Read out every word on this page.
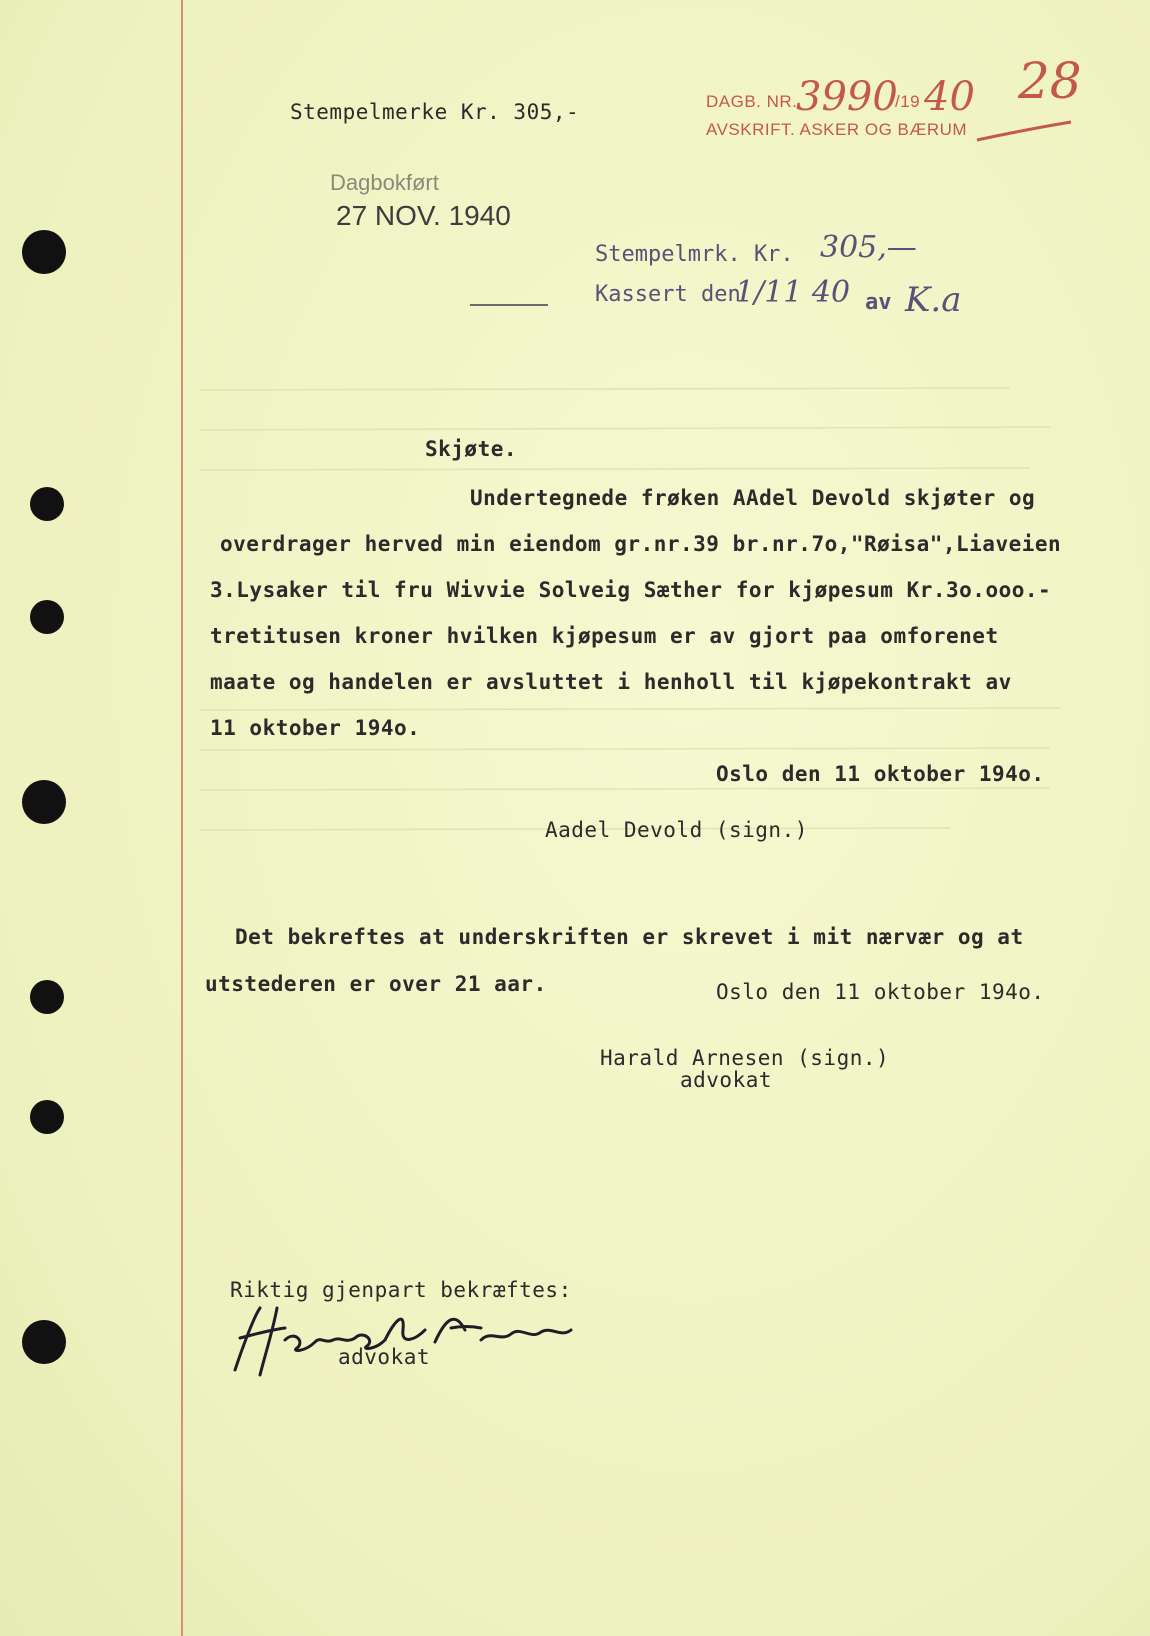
Stempelmerke Kr. 305,-	DAGB. NR.
3990
/19 40
AVSKRIFT. ASKER OG BÆRUM
28
Dagbokført
27 NOV. 1940
Stempelmrk. Kr. 305,—
Kassert den
1/11 40 av K.a
Skjøte.
Undertegnede frøken AAdel Devold skjøter og
overdrager herved min eiendom gr.nr.39 br.nr.7o,"Røisa",Liaveien
3.Lysaker til fru Wivvie Solveig Sæther for kjøpesum Kr.3o.ooo.-
tretitusen kroner hvilken kjøpesum er av gjort paa omforenet
maate og handelen er avsluttet i henholl til kjøpekontrakt av
11 oktober 194o.
Oslo den 11 oktober 194o.
Aadel Devold (sign.)
Det bekreftes at underskriften er skrevet i mit nærvær og at
utstederen er over 21 aar.	Oslo den 11 oktober 194o.
Harald Arnesen (sign.)
advokat
Riktig gjenpart bekræftes:
advokat
